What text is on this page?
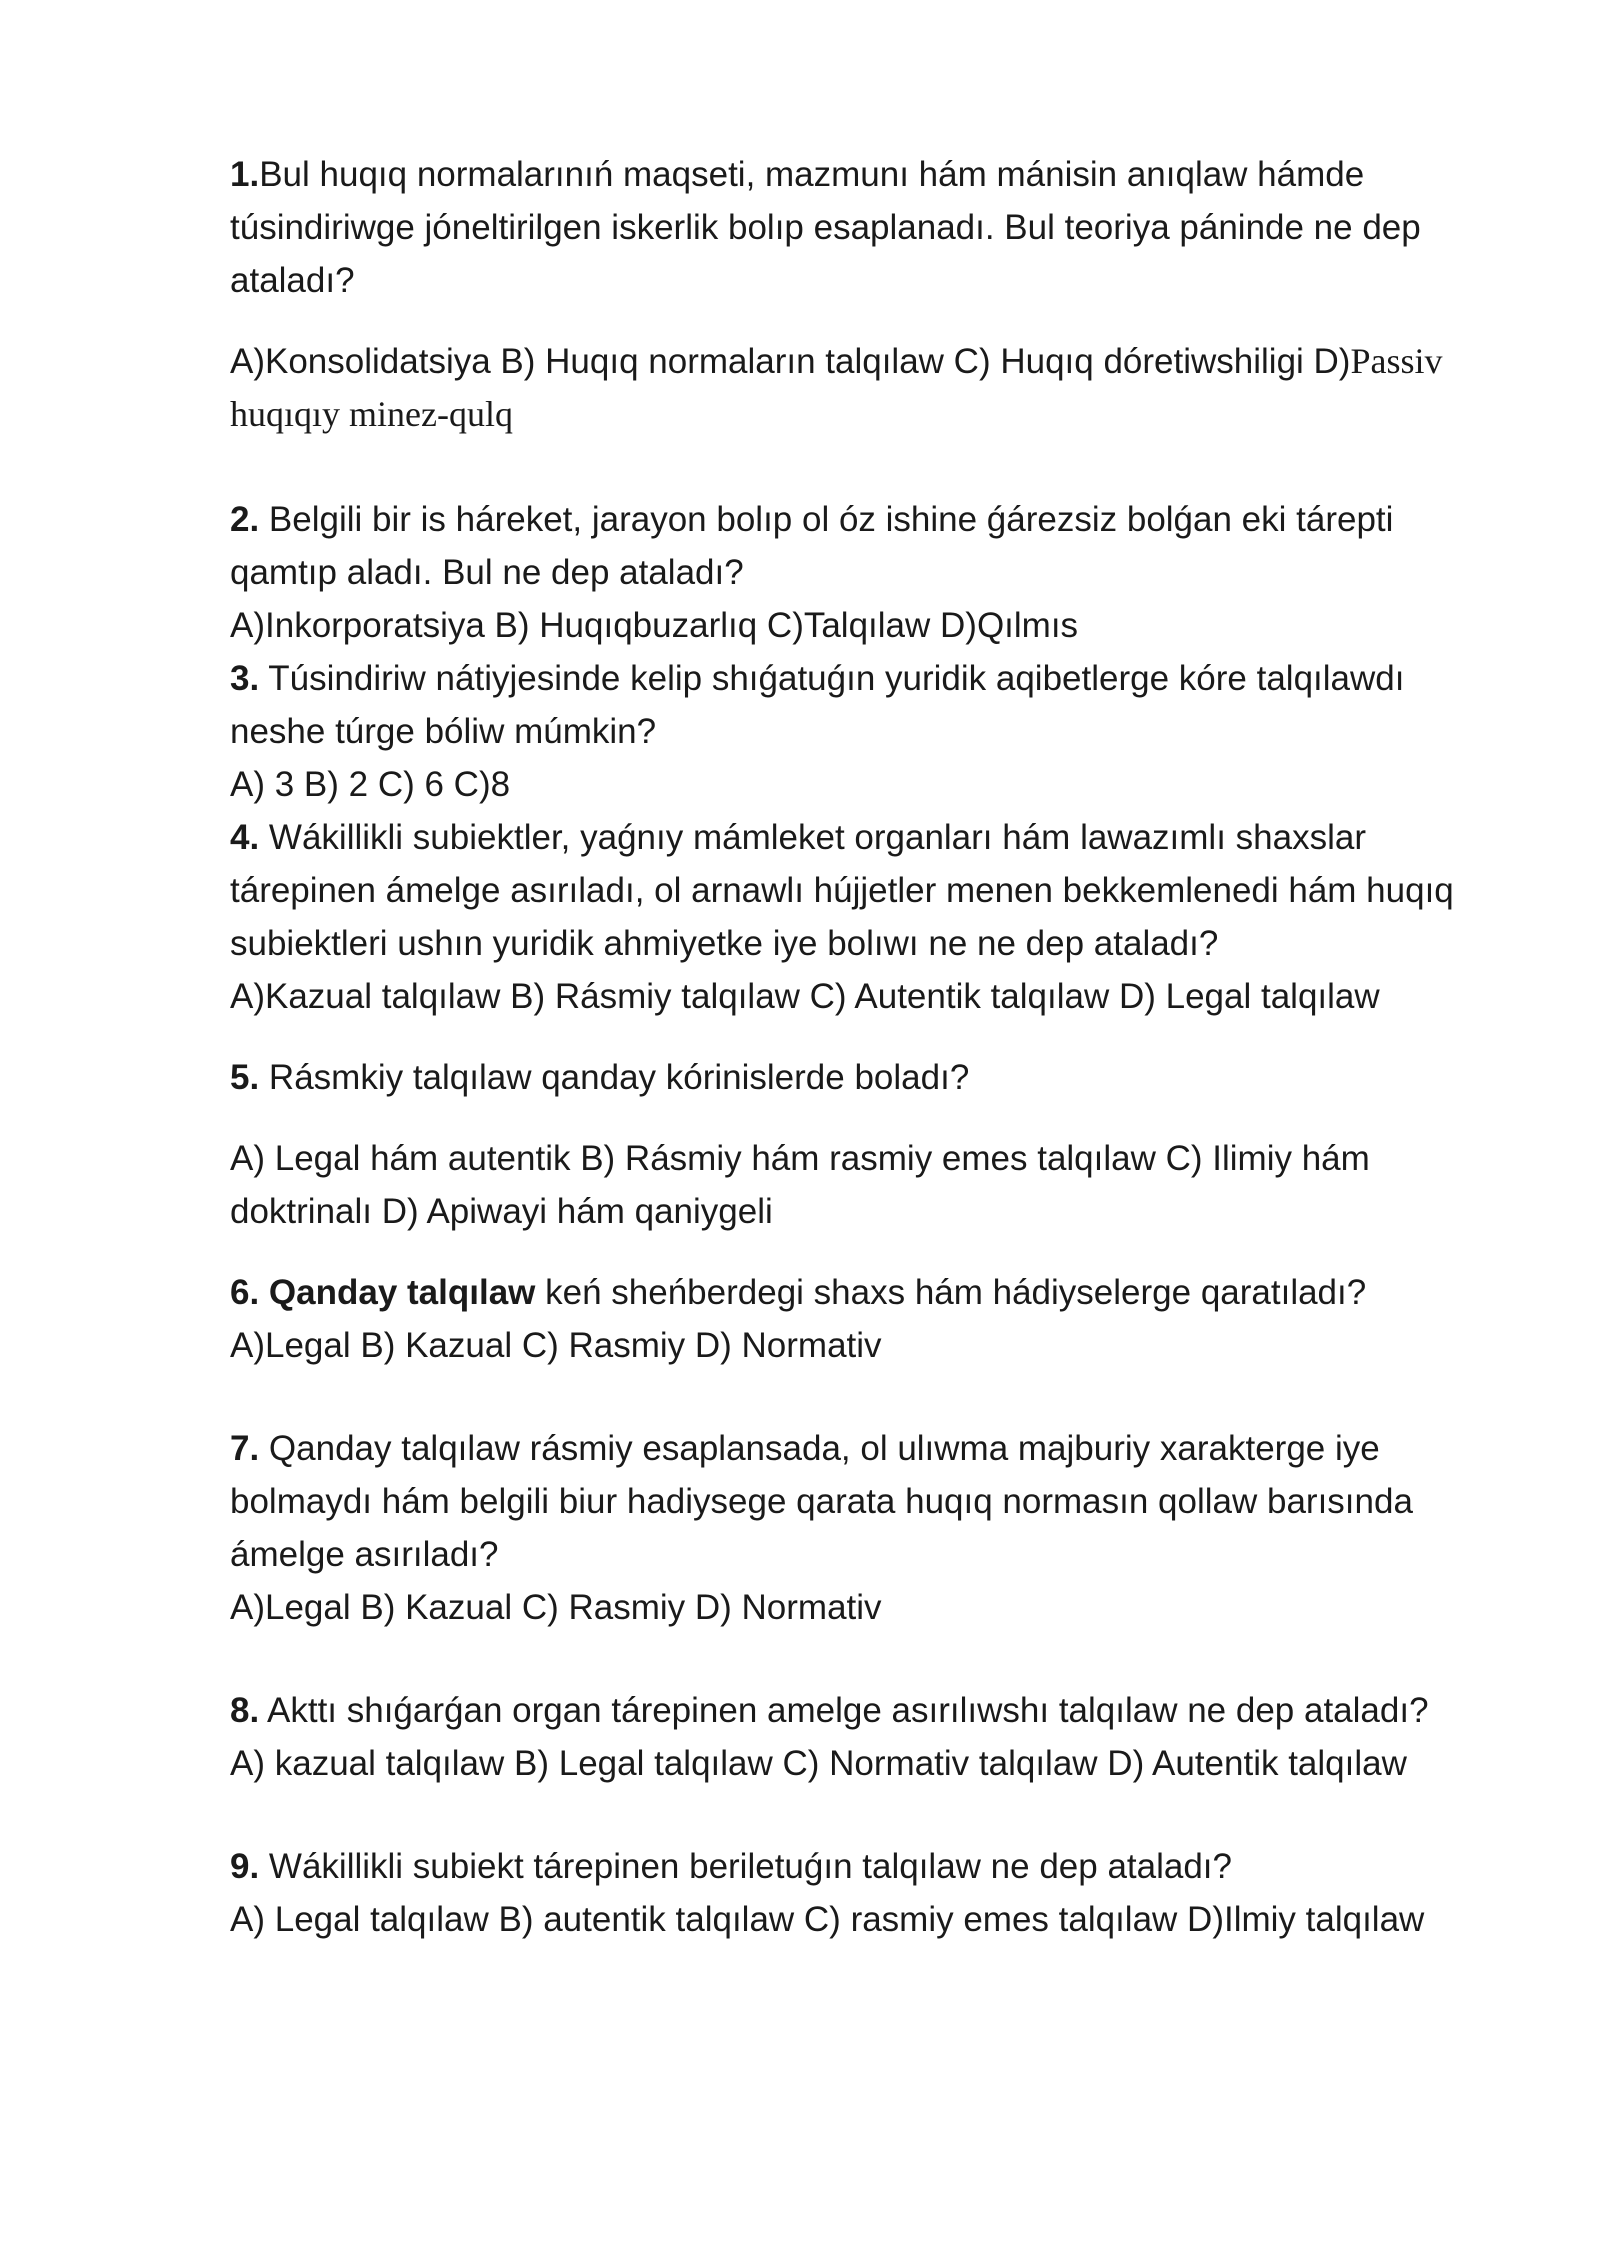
1.Bul huqıq normalarınıń maqseti, mazmunı hám mánisin anıqlaw hámde
túsindiriwge jóneltirilgen iskerlik bolıp esaplanadı. Bul teoriya páninde ne dep
ataladı?
A)Konsolidatsiya B) Huqıq normaların talqılaw C) Huqıq dóretiwshiligi D)Passiv
huqıqıy minez-qulq
2. Belgili bir is háreket, jarayon bolıp ol óz ishine ǵárezsiz bolǵan eki tárepti
qamtıp aladı. Bul ne dep ataladı?
A)Inkorporatsiya B) Huqıqbuzarlıq C)Talqılaw D)Qılmıs
3. Túsindiriw nátiyjesinde kelip shıǵatuǵın yuridik aqibetlerge kóre talqılawdı
neshe túrge bóliw múmkin?
A) 3 B) 2 C) 6 C)8
4. Wákillikli subiektler, yaǵnıy mámleket organları hám lawazımlı shaxslar
tárepinen ámelge asırıladı, ol arnawlı hújjetler menen bekkemlenedi hám huqıq
subiektleri ushın yuridik ahmiyetke iye bolıwı ne ne dep ataladı?
A)Kazual talqılaw B) Rásmiy talqılaw C) Autentik talqılaw D) Legal talqılaw
5. Rásmkiy talqılaw qanday kórinislerde boladı?
A) Legal hám autentik B) Rásmiy hám rasmiy emes talqılaw C) Ilimiy hám
doktrinalı D) Apiwayi hám qaniygeli
6. Qanday talqılaw keń sheńberdegi shaxs hám hádiyselerge qaratıladı?
A)Legal B) Kazual C) Rasmiy D) Normativ
7. Qanday talqılaw rásmiy esaplansada, ol ulıwma majburiy xarakterge iye
bolmaydı hám belgili biur hadiysege qarata huqıq normasın qollaw barısında
ámelge asırıladı?
A)Legal B) Kazual C) Rasmiy D) Normativ
8. Akttı shıǵarǵan organ tárepinen amelge asırılıwshı talqılaw ne dep ataladı?
A) kazual talqılaw B) Legal talqılaw C) Normativ talqılaw D) Autentik talqılaw
9. Wákillikli subiekt tárepinen beriletuǵın talqılaw ne dep ataladı?
A) Legal talqılaw B) autentik talqılaw C) rasmiy emes talqılaw D)Ilmiy talqılaw
